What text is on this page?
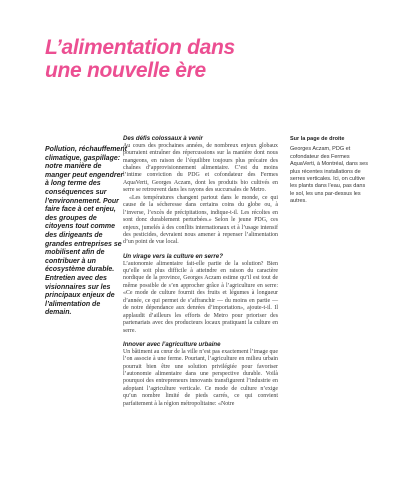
L’alimentation dans
une nouvelle ère

Pollution, réchauffement climatique, gaspillage: notre manière de manger peut engendrer à long terme des conséquences sur l’environnement. Pour faire face à cet enjeu, des groupes de citoyens tout comme des dirigeants de grandes entreprises se mobilisent afin de contribuer à un écosystème durable. Entretien avec des visionnaires sur les principaux enjeux de l’alimentation de demain.

Des défis colossaux à venir

Au cours des prochaines années, de nombreux enjeux globaux pourraient entraîner des répercussions sur la manière dont nous mangeons, en raison de l’équilibre toujours plus précaire des chaînes d’approvisionnement alimentaire. C’est du moins l’intime conviction du PDG et cofondateur des Fermes AquaVerti, Georges Aczam, dont les produits bio cultivés en serre se retrouvent dans les rayons des succursales de Metro.

«Les températures changent partout dans le monde, ce qui cause de la sécheresse dans certains coins du globe ou, à l’inverse, l’excès de précipitations, indique-t-il. Les récoltes en sont donc durablement perturbées.» Selon le jeune PDG, ces enjeux, jumelés à des conflits internationaux et à l’usage intensif des pesticides, devraient nous amener à repenser l’alimentation d’un point de vue local.

Un virage vers la culture en serre?

L’autonomie alimentaire fait-elle partie de la solution? Bien qu’elle soit plus difficile à atteindre en raison du caractère nordique de la province, Georges Aczam estime qu’il est tout de même possible de s’en approcher grâce à l’agriculture en serre: «Ce mode de culture fournit des fruits et légumes à longueur d’année, ce qui permet de s’affranchir — du moins en partie — de notre dépendance aux denrées d’importation», ajoute-t-il. Il applaudit d’ailleurs les efforts de Metro pour prioriser des partenariats avec des producteurs locaux pratiquant la culture en serre.

Innover avec l’agriculture urbaine

Un bâtiment au cœur de la ville n’est pas exactement l’image que l’on associe à une ferme. Pourtant, l’agriculture en milieu urbain pourrait bien être une solution privilégiée pour favoriser l’autonomie alimentaire dans une perspective durable. Voilà pourquoi des entrepreneurs innovants transfigurent l’industrie en adoptant l’agriculture verticale. Ce mode de culture n’exige qu’un nombre limité de pieds carrés, ce qui convient parfaitement à la région métropolitaine: «Notre

Sur la page de droite

Georges Aczam, PDG et cofondateur des Fermes AquaVerti, à Montréal, dans ses plus récentes installations de serres verticales. Ici, on cultive les plants dans l’eau, pas dans le sol, les uns par-dessus les autres.
